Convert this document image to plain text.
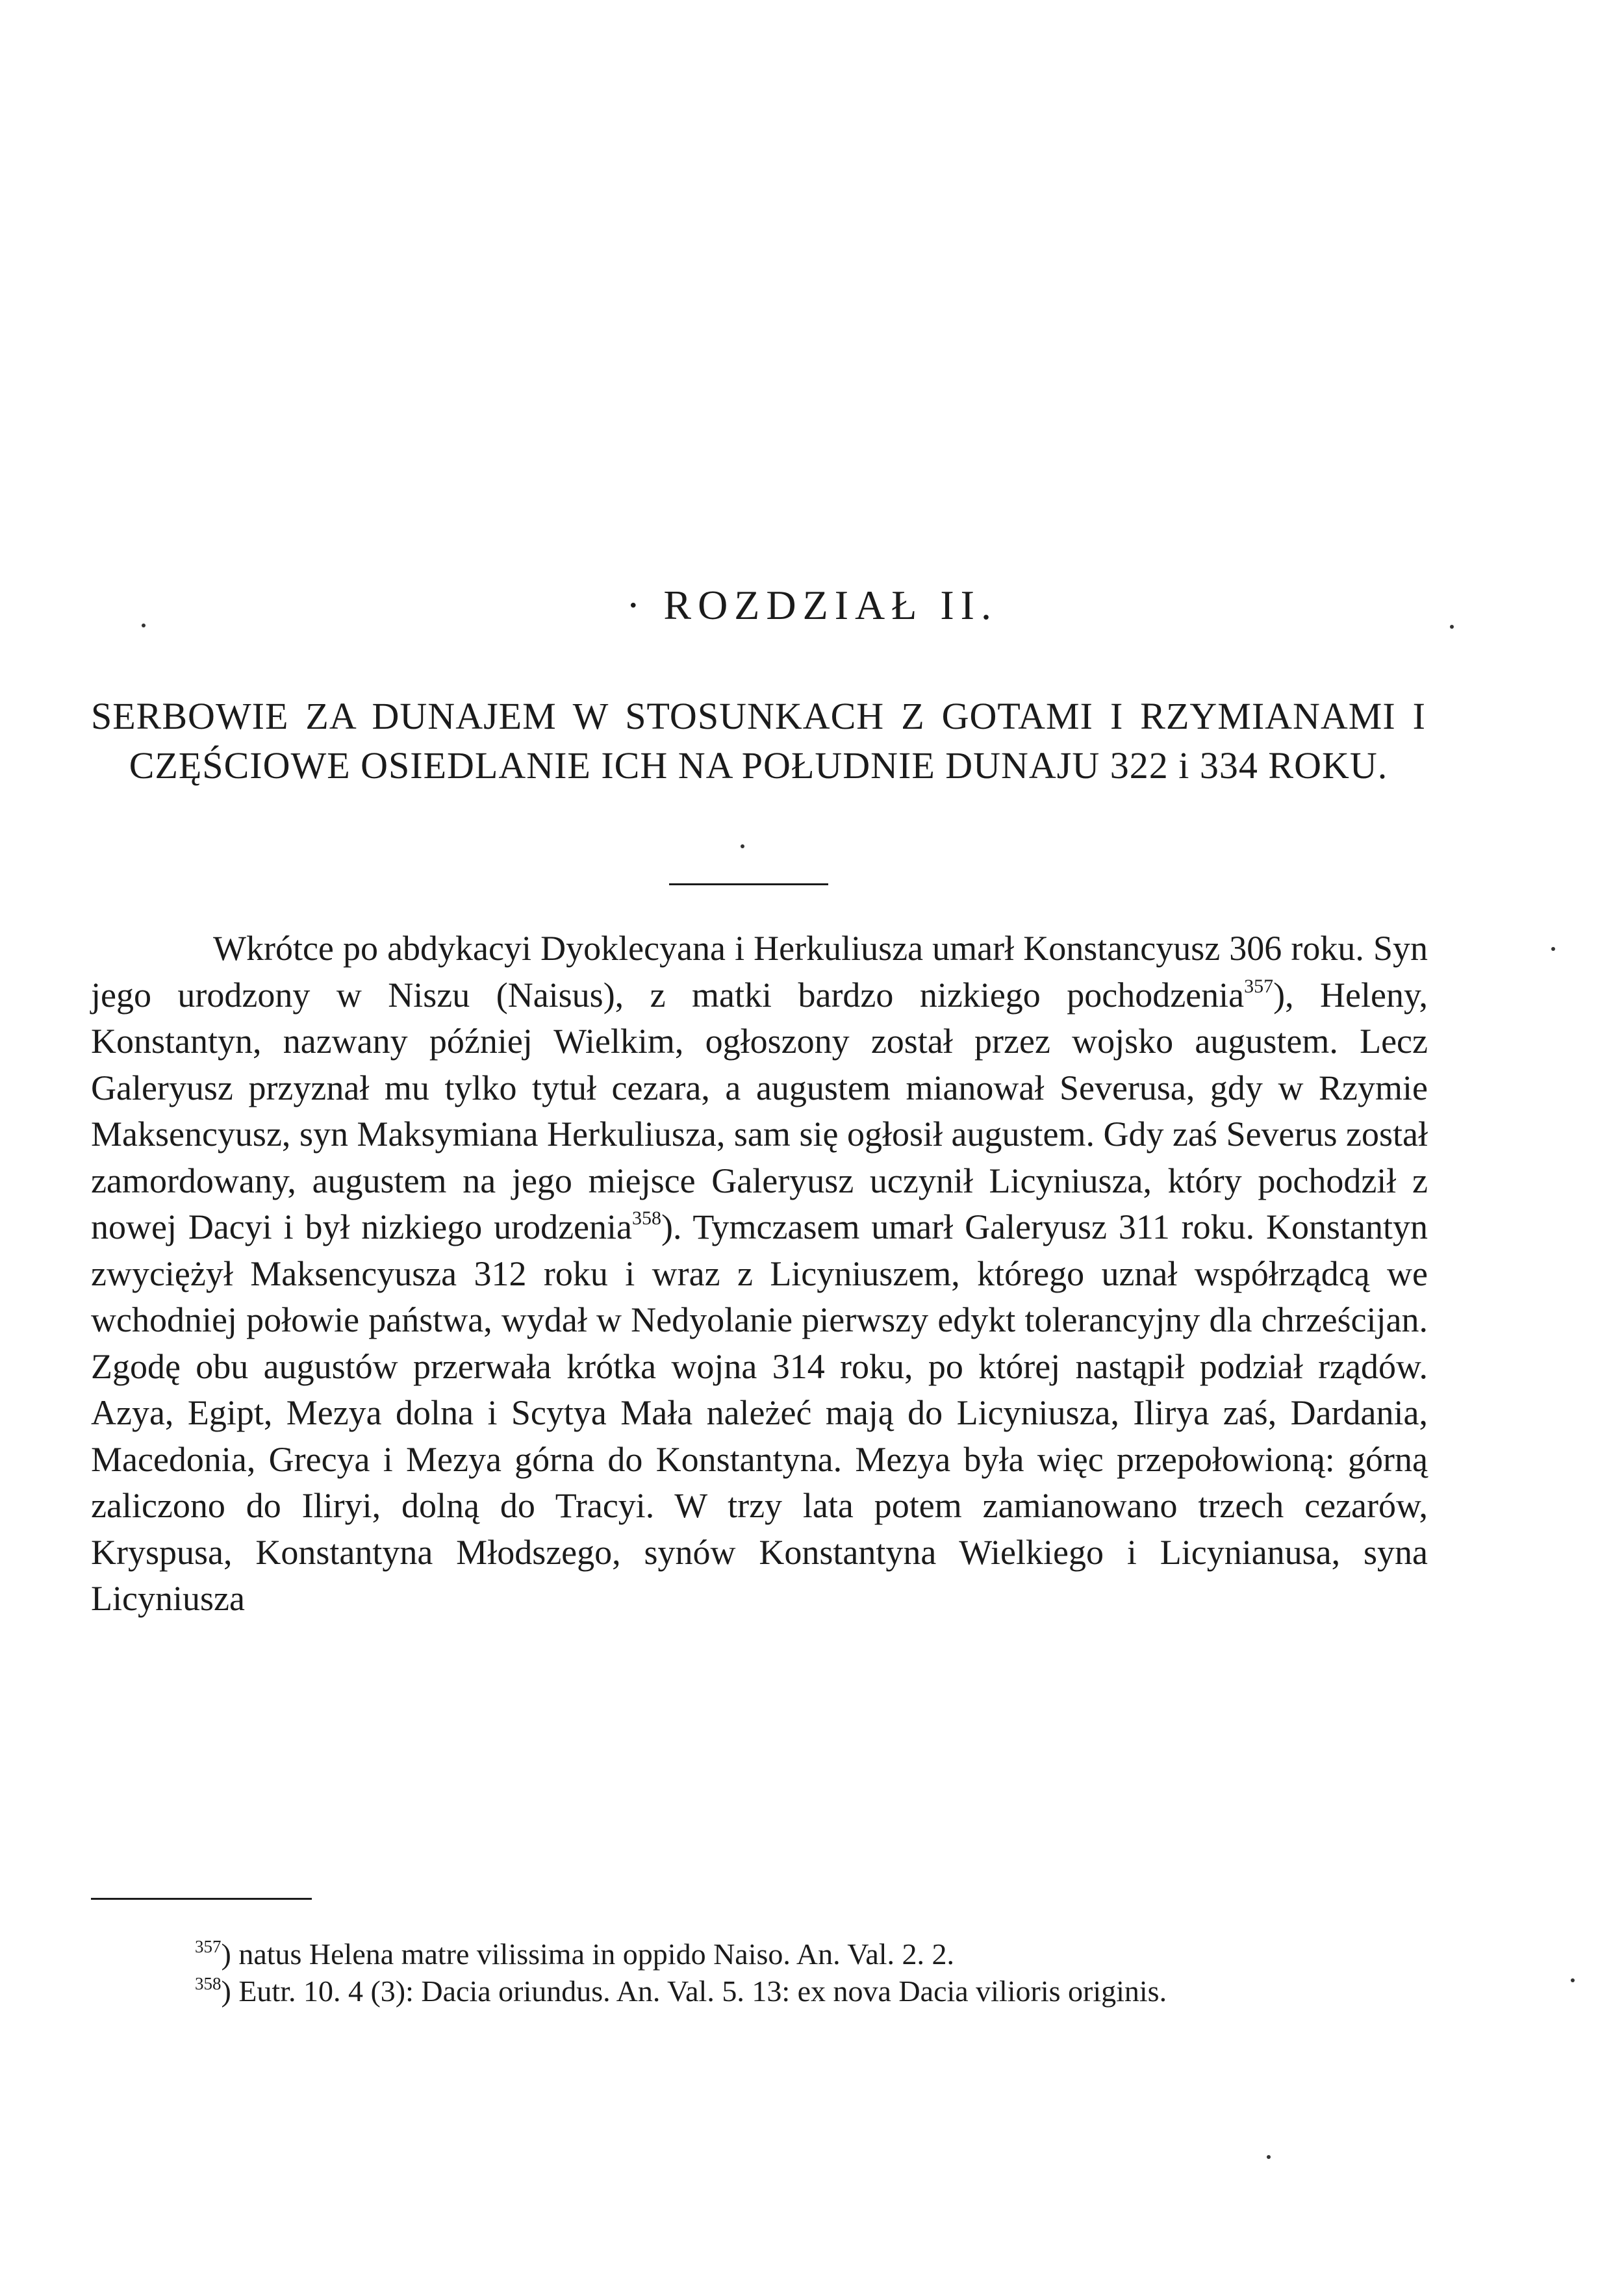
· ROZDZIAŁ II.
SERBOWIE ZA DUNAJEM W STOSUNKACH Z GOTAMI I RZYMIANAMI I CZĘŚCIOWE OSIEDLANIE ICH NA POŁUDNIE DUNAJU 322 i 334 ROKU.

Wkrótce po abdykacyi Dyoklecyana i Herkuliusza umarł Konstancyusz 306 roku. Syn jego urodzony w Niszu (Naisus), z matki bardzo nizkiego pochodzenia$^{357}$), Heleny, Konstantyn, nazwany później Wielkim, ogłoszony został przez wojsko augustem. Lecz Galeryusz przyznał mu tylko tytuł cezara, a augustem mianował Severusa, gdy w Rzymie Maksencyusz, syn Maksymiana Herkuliusza, sam się ogłosił augustem. Gdy zaś Severus został zamordowany, augustem na jego miejsce Galeryusz uczynił Licyniusza, który pochodził z nowej Dacyi i był nizkiego urodzenia$^{358}$). Tymczasem umarł Galeryusz 311 roku. Konstantyn zwyciężył Maksencyusza 312 roku i wraz z Licyniuszem, którego uznał współrządcą we wchodniej połowie państwa, wydał w Nedyolanie pierwszy edykt tolerancyjny dla chrześcijan. Zgodę obu augustów przerwała krótka wojna 314 roku, po której nastąpił podział rządów. Azya, Egipt, Mezya dolna i Scytya Mała należeć mają do Licyniusza, Ilirya zaś, Dardania, Macedonia, Grecya i Mezya górna do Konstantyna. Mezya była więc przepołowioną: górną zaliczono do Iliryi, dolną do Tracyi. W trzy lata potem zamianowano trzech cezarów, Kryspusa, Konstantyna Młodszego, synów Konstantyna Wielkiego i Licynianusa, syna Licyniusza

$^{357}$) natus Helena matre vilissima in oppido Naiso. An. Val. 2. 2.

$^{358}$) Eutr. 10. 4 (3): Dacia oriundus. An. Val. 5. 13: ex nova Dacia vilioris originis.
